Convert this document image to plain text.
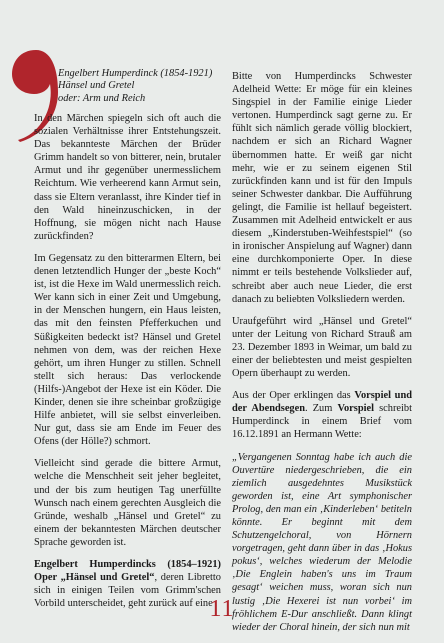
Engelbert Humperdinck (1854-1921)
Hänsel und Gretel
oder: Arm und Reich

In den Märchen spiegeln sich oft auch die sozialen Verhältnisse ihrer Entstehungszeit. Das bekannteste Märchen der Brüder Grimm handelt so von bitterer, nein, brutaler Armut und ihr gegenüber unermesslichem Reichtum. Wie verheerend kann Armut sein, dass sie Eltern veranlasst, ihre Kinder tief in den Wald hineinzuschicken, in der Hoffnung, sie mögen nicht nach Hause zurückfinden?

Im Gegensatz zu den bitterarmen Eltern, bei denen letztendlich Hunger der „beste Koch“ ist, ist die Hexe im Wald unermesslich reich. Wer kann sich in einer Zeit und Umgebung, in der Menschen hungern, ein Haus leisten, das mit den feinsten Pfefferkuchen und Süßigkeiten bedeckt ist? Hänsel und Gretel nehmen von dem, was der reichen Hexe gehört, um ihren Hunger zu stillen. Schnell stellt sich heraus: Das verlockende (Hilfs-)Angebot der Hexe ist ein Köder. Die Kinder, denen sie ihre scheinbar großzügige Hilfe anbietet, will sie selbst einverleiben. Nur gut, dass sie am Ende im Feuer des Ofens (der Hölle?) schmort.

Vielleicht sind gerade die bittere Armut, welche die Menschheit seit jeher begleitet, und der bis zum heutigen Tag unerfüllte Wunsch nach einem gerechten Ausgleich die Gründe, weshalb „Hänsel und Gretel“ zu einem der bekanntesten Märchen deutscher Sprache geworden ist.

Engelbert Humperdincks (1854–1921) Oper „Hänsel und Gretel“, deren Libretto sich in einigen Teilen vom Grimm'schen Vorbild unterscheidet, geht zurück auf eine

Bitte von Humperdincks Schwester Adelheid Wette: Er möge für ein kleines Singspiel in der Familie einige Lieder vertonen. Humperdinck sagt gerne zu. Er fühlt sich nämlich gerade völlig blockiert, nachdem er sich an Richard Wagner übernommen hatte. Er weiß gar nicht mehr, wie er zu seinem eigenen Stil zurückfinden kann und ist für den Impuls seiner Schwester dankbar. Die Aufführung gelingt, die Familie ist hellauf begeistert. Zusammen mit Adelheid entwickelt er aus diesem „Kinderstuben-Weihfestspiel“ (so in ironischer Anspielung auf Wagner) dann eine durchkomponierte Oper. In diese nimmt er teils bestehende Volkslieder auf, schreibt aber auch neue Lieder, die erst danach zu beliebten Volksliedern werden.

Uraufgeführt wird „Hänsel und Gretel“ unter der Leitung von Richard Strauß am 23. Dezember 1893 in Weimar, um bald zu einer der beliebtesten und meist gespielten Opern überhaupt zu werden.

Aus der Oper erklingen das Vorspiel und der Abendsegen. Zum Vorspiel schreibt Humperdinck in einem Brief vom 16.12.1891 an Hermann Wette:

„Vergangenen Sonntag habe ich auch die Ouvertüre niedergeschrieben, die ein ziemlich ausgedehntes Musikstück geworden ist, eine Art symphonischer Prolog, den man ein ‚Kinderleben‘ betiteln könnte. Er beginnt mit dem Schutzengelchoral, von Hörnern vorgetragen, geht dann über in das ‚Hokus pokus‘, welches wiederum der Melodie ‚Die Englein haben's uns im Traum gesagt‘ weichen muss, woran sich nun lustig ‚Die Hexerei ist nun vorbei‘ im fröhlichem E-Dur anschließt. Dann klingt wieder der Choral hinein, der sich nun mit

11
